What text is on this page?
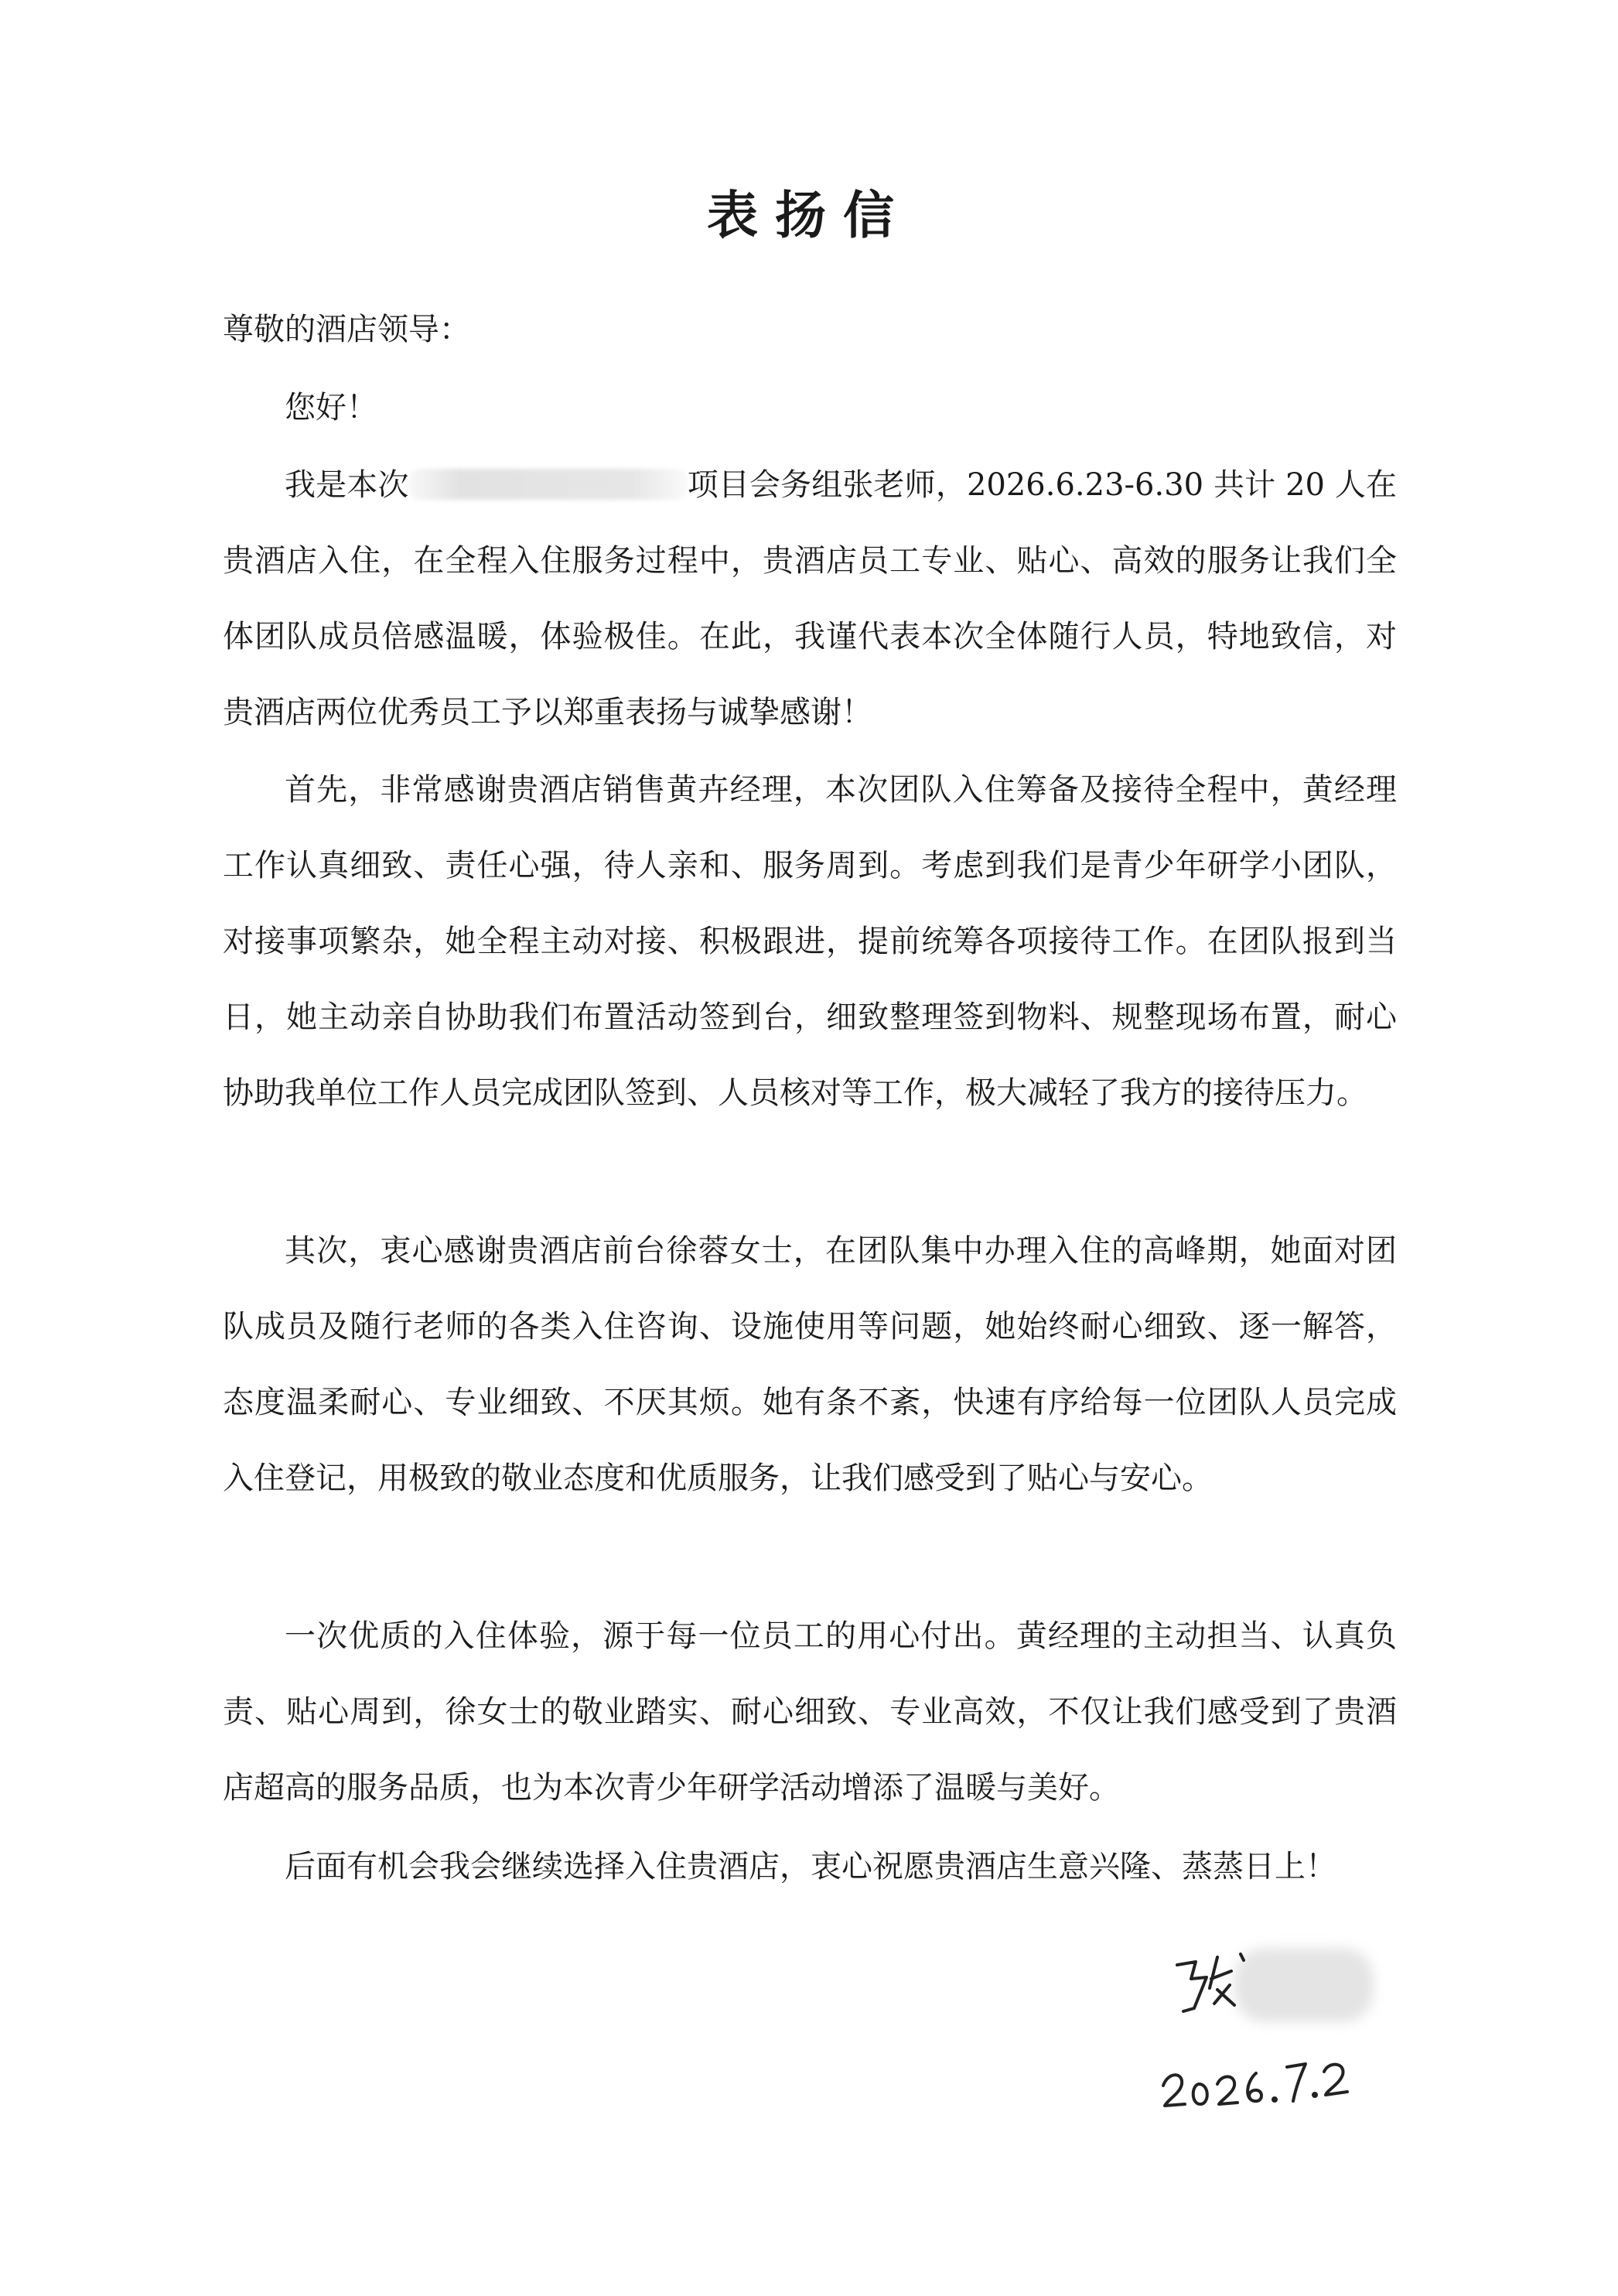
表扬信
尊敬的酒店领导：

您好！

我是本次	项目会务组张老师，2026.6.23-6.30 共计 20 人在贵酒店入住，在全程入住服务过程中，贵酒店员工专业、贴心、高效的服务让我们全体团队成员倍感温暖，体验极佳。在此，我谨代表本次全体随行人员，特地致信，对贵酒店两位优秀员工予以郑重表扬与诚挚感谢！

首先，非常感谢贵酒店销售黄卉经理，本次团队入住筹备及接待全程中，黄经理工作认真细致、责任心强，待人亲和、服务周到。考虑到我们是青少年研学小团队，对接事项繁杂，她全程主动对接、积极跟进，提前统筹各项接待工作。在团队报到当日，她主动亲自协助我们布置活动签到台，细致整理签到物料、规整现场布置，耐心协助我单位工作人员完成团队签到、人员核对等工作，极大减轻了我方的接待压力。

其次，衷心感谢贵酒店前台徐蓉女士，在团队集中办理入住的高峰期，她面对团队成员及随行老师的各类入住咨询、设施使用等问题，她始终耐心细致、逐一解答，态度温柔耐心、专业细致、不厌其烦。她有条不紊，快速有序给每一位团队人员完成入住登记，用极致的敬业态度和优质服务，让我们感受到了贴心与安心。

一次优质的入住体验，源于每一位员工的用心付出。黄经理的主动担当、认真负责、贴心周到，徐女士的敬业踏实、耐心细致、专业高效，不仅让我们感受到了贵酒店超高的服务品质，也为本次青少年研学活动增添了温暖与美好。

后面有机会我会继续选择入住贵酒店，衷心祝愿贵酒店生意兴隆、蒸蒸日上！
